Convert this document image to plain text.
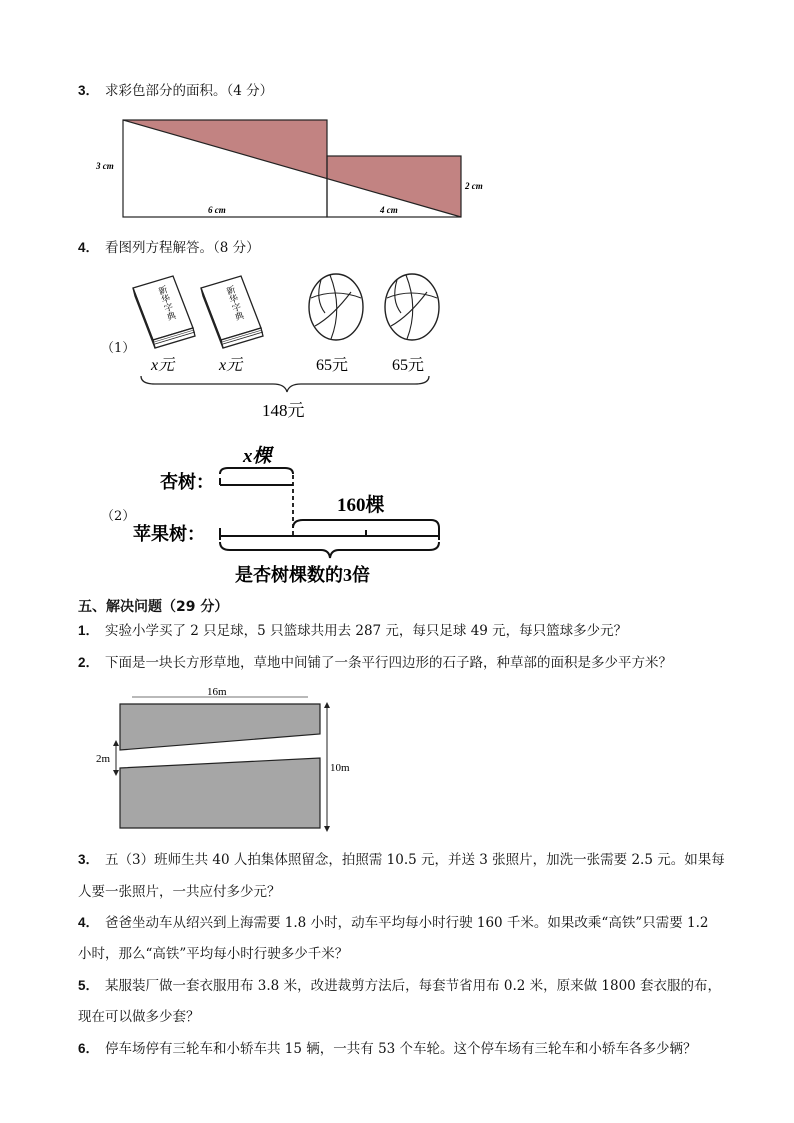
3． 求彩色部分的面积。（4 分）
3 cm
6 cm	4 cm
2 cm
4． 看图列方程解答。（8 分）
（1）
新华字典	新华字典
x元	x元	65元	65元
148元
（2）
杏树：
苹果树：
x棵
160棵
是杏树棵数的3倍
五、解决问题（29 分）
1． 实验小学买了 2 只足球，5 只篮球共用去 287 元，每只足球 49 元，每只篮球多少元？
2． 下面是一块长方形草地，草地中间铺了一条平行四边形的石子路，种草部的面积是多少平方米？
16m
2m
10m
3． 五（3）班师生共 40 人拍集体照留念，拍照需 10.5 元，并送 3 张照片，加洗一张需要 2.5 元。如果每
人要一张照片，一共应付多少元？
4． 爸爸坐动车从绍兴到上海需要 1.8 小时，动车平均每小时行驶 160 千米。如果改乘“高铁”只需要 1.2
小时，那么“高铁”平均每小时行驶多少千米？
5． 某服装厂做一套衣服用布 3.8 米，改进裁剪方法后，每套节省用布 0.2 米，原来做 1800 套衣服的布，
现在可以做多少套？
6． 停车场停有三轮车和小轿车共 15 辆，一共有 53 个车轮。这个停车场有三轮车和小轿车各多少辆？
